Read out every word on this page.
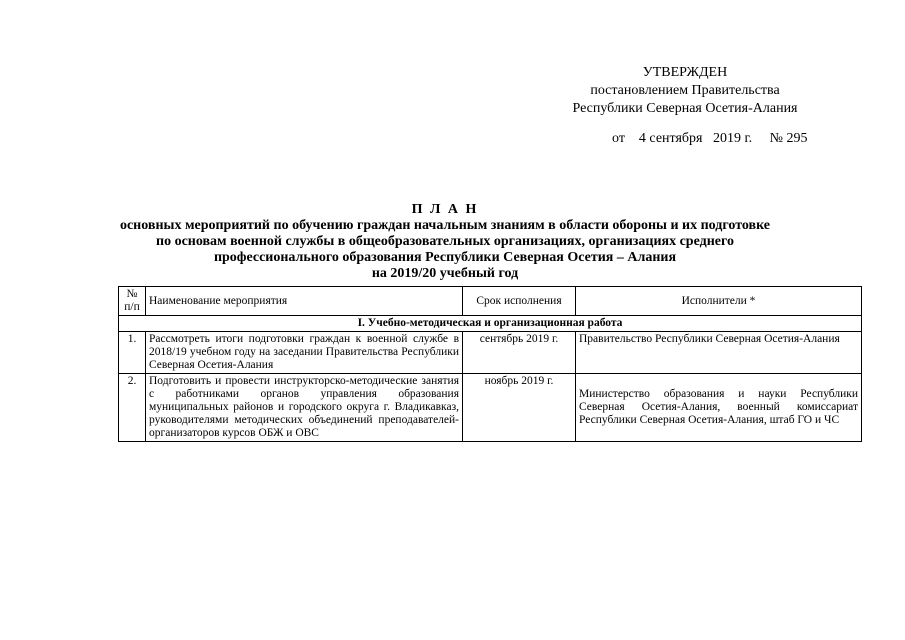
УТВЕРЖДЕН
постановлением Правительства
Республики Северная Осетия-Алания
от    4 сентября   2019 г.     № 295
П Л А Н
основных мероприятий по обучению граждан начальным знаниям в области обороны и их подготовке
по основам военной службы в общеобразовательных организациях, организациях среднего
профессионального образования Республики Северная Осетия – Алания
на 2019/20 учебный год
№ п/п	Наименование мероприятия	Срок исполнения	Исполнители *
I. Учебно-методическая и организационная работа			
1.	Рассмотреть итоги подготовки граждан к военной службе в 2018/19 учебном году на заседании Правительства Республики Северная Осетия-Алания	сентябрь 2019 г.	Правительство Республики Северная Осетия-Алания
2.	Подготовить и провести инструкторско-методические занятия с работниками органов управления образования муниципальных районов и городского округа г. Владикавказ, руководителями методических объединений преподавателей-организаторов курсов ОБЖ и ОВС	ноябрь 2019 г.	Министерство образования и науки Республики Северная Осетия-Алания, военный комиссариат Республики Северная Осетия-Алания, штаб ГО и ЧС
